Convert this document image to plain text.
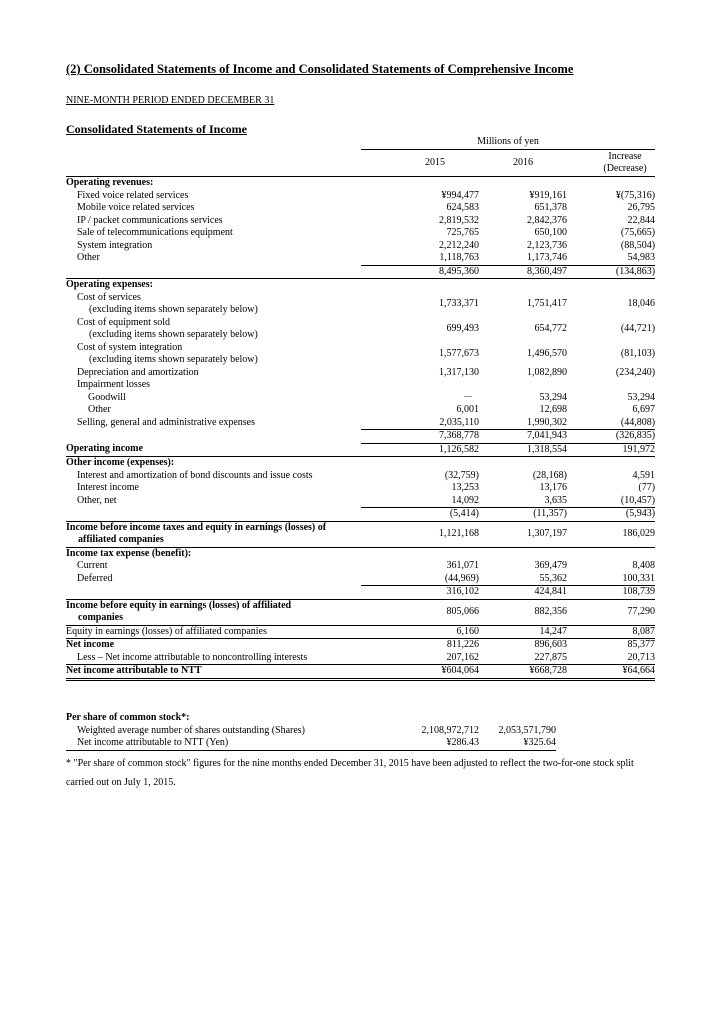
(2) Consolidated Statements of Income and Consolidated Statements of Comprehensive Income
NINE-MONTH PERIOD ENDED DECEMBER 31
Consolidated Statements of Income
	Millions of yen		
	2015	2016	Increase (Decrease)
Operating revenues:			
Fixed voice related services	¥994,477	¥919,161	¥(75,316)
Mobile voice related services	624,583	651,378	26,795
IP / packet communications services	2,819,532	2,842,376	22,844
Sale of telecommunications equipment	725,765	650,100	(75,665)
System integration	2,212,240	2,123,736	(88,504)
Other	1,118,763	1,173,746	54,983
	8,495,360	8,360,497	(134,863)
Operating expenses:			
Cost of services
(excluding items shown separately below)	1,733,371	1,751,417	18,046
Cost of equipment sold
(excluding items shown separately below)	699,493	654,772	(44,721)
Cost of system integration
(excluding items shown separately below)	1,577,673	1,496,570	(81,103)
Depreciation and amortization	1,317,130	1,082,890	(234,240)
Impairment losses			
Goodwill	－	53,294	53,294
Other	6,001	12,698	6,697
Selling, general and administrative expenses	2,035,110	1,990,302	(44,808)
	7,368,778	7,041,943	(326,835)
Operating income	1,126,582	1,318,554	191,972
Other income (expenses):			
Interest and amortization of bond discounts and issue costs	(32,759)	(28,168)	4,591
Interest income	13,253	13,176	(77)
Other, net	14,092	3,635	(10,457)
	(5,414)	(11,357)	(5,943)
Income before income taxes and equity in earnings (losses) of
affiliated companies	1,121,168	1,307,197	186,029
Income tax expense (benefit):			
Current	361,071	369,479	8,408
Deferred	(44,969)	55,362	100,331
	316,102	424,841	108,739
Income before equity in earnings (losses) of affiliated
companies	805,066	882,356	77,290
Equity in earnings (losses) of affiliated companies	6,160	14,247	8,087
Net income	811,226	896,603	85,377
Less – Net income attributable to noncontrolling interests	207,162	227,875	20,713
Net income attributable to NTT	¥604,064	¥668,728	¥64,664
Per share of common stock*:		
Weighted average number of shares outstanding (Shares)	2,108,972,712	2,053,571,790
Net income attributable to NTT (Yen)	¥286.43	¥325.64
* "Per share of common stock" figures for the nine months ended December 31, 2015 have been adjusted to reflect the two-for-one stock split carried out on July 1, 2015.
